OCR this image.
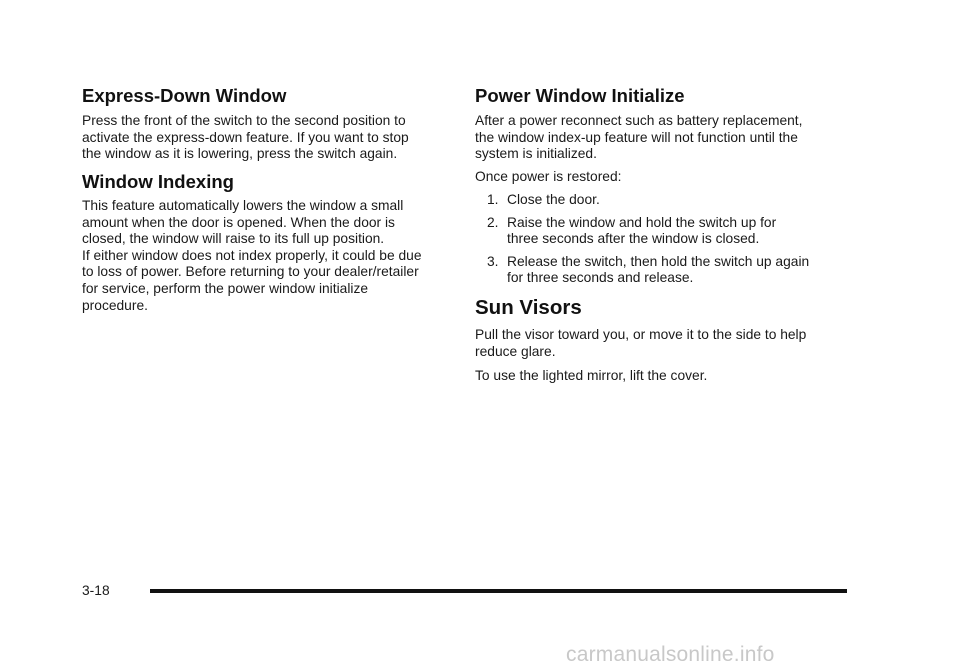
Express-Down Window

Press the front of the switch to the second position to
activate the express-down feature. If you want to stop
the window as it is lowering, press the switch again.

Window Indexing

This feature automatically lowers the window a small
amount when the door is opened. When the door is
closed, the window will raise to its full up position.
If either window does not index properly, it could be due
to loss of power. Before returning to your dealer/retailer
for service, perform the power window initialize
procedure.

Power Window Initialize

After a power reconnect such as battery replacement,
the window index-up feature will not function until the
system is initialized.

Once power is restored:

1. Close the door.
2. Raise the window and hold the switch up for
three seconds after the window is closed.
3. Release the switch, then hold the switch up again
for three seconds and release.
Sun Visors

Pull the visor toward you, or move it to the side to help
reduce glare.

To use the lighted mirror, lift the cover.

3-18
carmanualsonline.info
